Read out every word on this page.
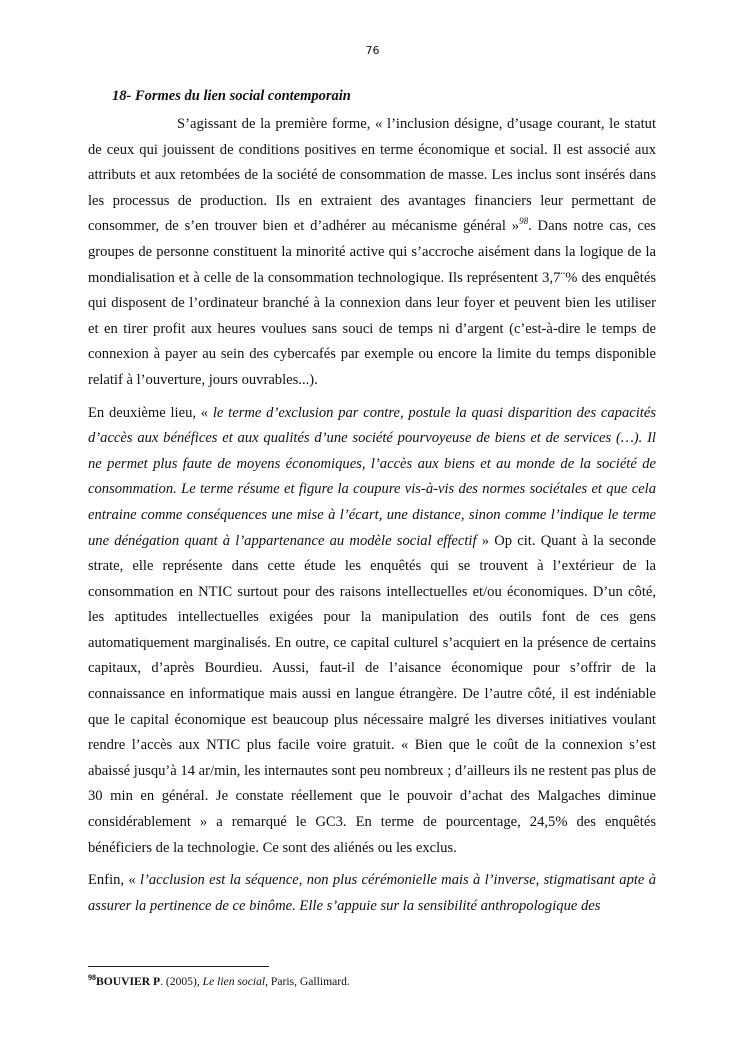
76
18- Formes du lien social contemporain

S’agissant de la première forme, « l’inclusion désigne, d’usage courant, le statut de ceux qui jouissent de conditions positives en terme économique et social. Il est associé aux attributs et aux retombées de la société de consommation de masse. Les inclus sont insérés dans les processus de production. Ils en extraient des avantages financiers leur permettant de consommer, de s’en trouver bien et d’adhérer au mécanisme général »$^{98}$. Dans notre cas, ces groupes de personne constituent la minorité active qui s’accroche aisément dans la logique de la mondialisation et à celle de la consommation technologique. Ils représentent 3,7¨% des enquêtés qui disposent de l’ordinateur branché à la connexion dans leur foyer et peuvent bien les utiliser et en tirer profit aux heures voulues sans souci de temps ni d’argent (c’est-à-dire le temps de connexion à payer au sein des cybercafés par exemple ou encore la limite du temps disponible relatif à l’ouverture, jours ouvrables...).

En deuxième lieu, « le terme d’exclusion par contre, postule la quasi disparition des capacités d’accès aux bénéfices et aux qualités d’une société pourvoyeuse de biens et de services (…). Il ne permet plus faute de moyens économiques, l’accès aux biens et au monde de la société de consommation. Le terme résume et figure la coupure vis-à-vis des normes sociétales et que cela entraine comme conséquences une mise à l’écart, une distance, sinon comme l’indique le terme une dénégation quant à l’appartenance au modèle social effectif » Op cit. Quant à la seconde strate, elle représente dans cette étude les enquêtés qui se trouvent à l’extérieur de la consommation en NTIC surtout pour des raisons intellectuelles et/ou économiques. D’un côté, les aptitudes intellectuelles exigées pour la manipulation des outils font de ces gens automatiquement marginalisés. En outre, ce capital culturel s’acquiert en la présence de certains capitaux, d’après Bourdieu. Aussi, faut-il de l’aisance économique pour s’offrir de la connaissance en informatique mais aussi en langue étrangère. De l’autre côté, il est indéniable que le capital économique est beaucoup plus nécessaire malgré les diverses initiatives voulant rendre l’accès aux NTIC plus facile voire gratuit. « Bien que le coût de la connexion s’est abaissé jusqu’à 14 ar/min, les internautes sont peu nombreux ; d’ailleurs ils ne restent pas plus de 30 min en général. Je constate réellement que le pouvoir d’achat des Malgaches diminue considérablement » a remarqué le GC3. En terme de pourcentage, 24,5% des enquêtés bénéficiers de la technologie. Ce sont des aliénés ou les exclus.

Enfin, « l’acclusion est la séquence, non plus cérémonielle mais à l’inverse, stigmatisant apte à assurer la pertinence de ce binôme. Elle s’appuie sur la sensibilité anthropologique des

$^{98}$BOUVIER P. (2005), Le lien social, Paris, Gallimard.
